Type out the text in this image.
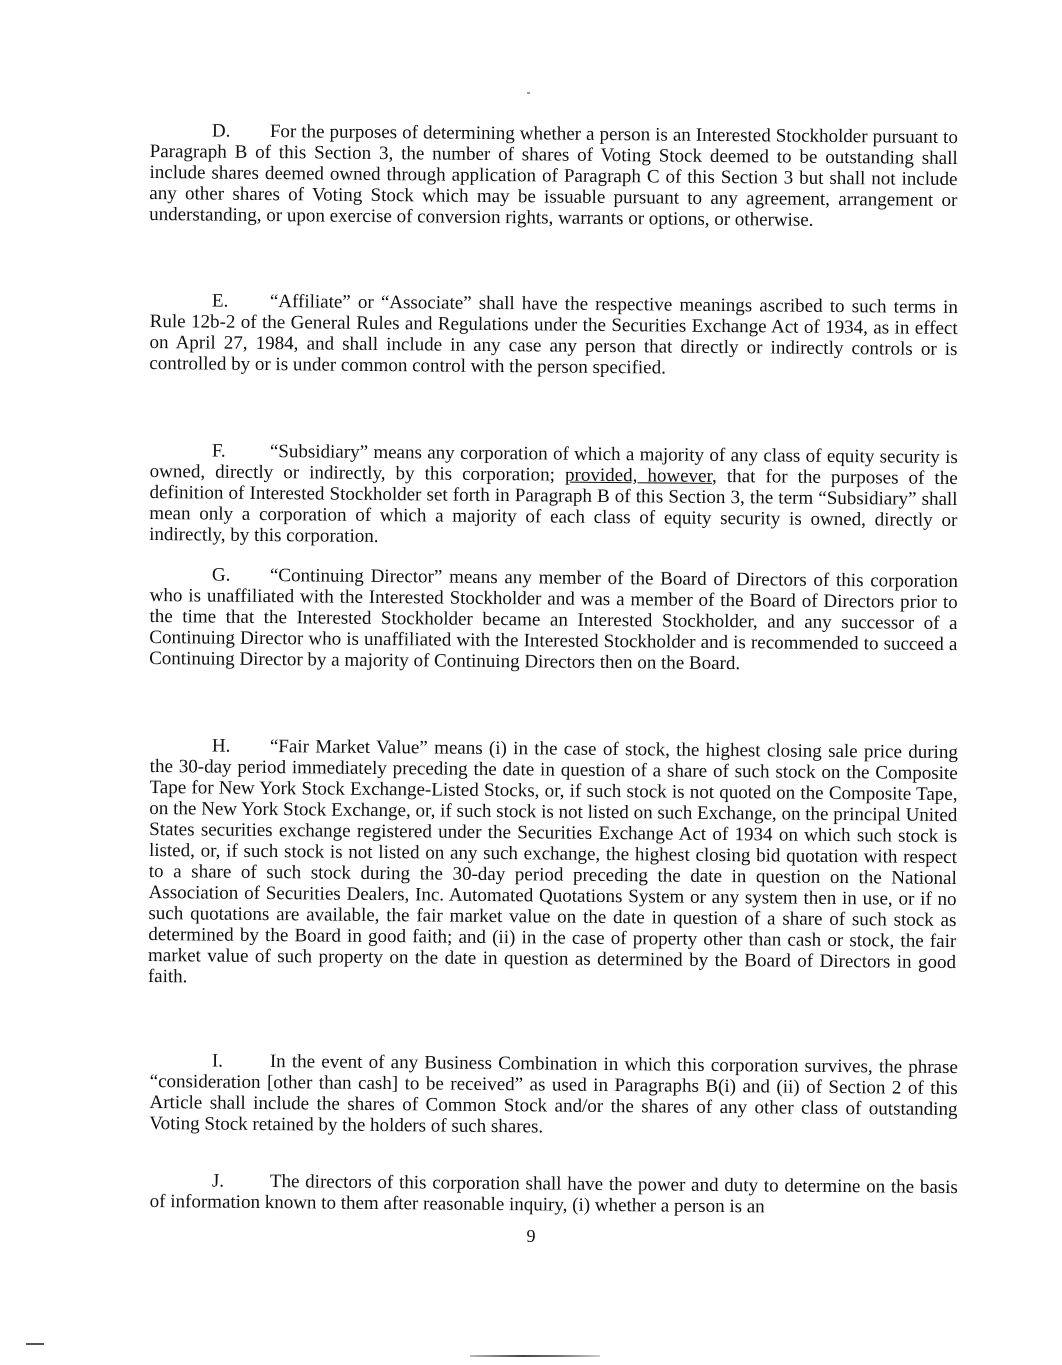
D. For the purposes of determining whether a person is an Interested Stockholder pursuant to Paragraph B of this Section 3, the number of shares of Voting Stock deemed to be outstanding shall include shares deemed owned through application of Paragraph C of this Section 3 but shall not include any other shares of Voting Stock which may be issuable pursuant to any agreement, arrangement or understanding, or upon exercise of conversion rights, warrants or options, or otherwise.

E. “Affiliate” or “Associate” shall have the respective meanings ascribed to such terms in Rule 12b-2 of the General Rules and Regulations under the Securities Exchange Act of 1934, as in effect on April 27, 1984, and shall include in any case any person that directly or indirectly controls or is controlled by or is under common control with the person specified.

F. “Subsidiary” means any corporation of which a majority of any class of equity security is owned, directly or indirectly, by this corporation; provided, however, that for the purposes of the definition of Interested Stockholder set forth in Paragraph B of this Section 3, the term “Subsidiary” shall mean only a corporation of which a majority of each class of equity security is owned, directly or indirectly, by this corporation.

G. “Continuing Director” means any member of the Board of Directors of this corporation who is unaffiliated with the Interested Stockholder and was a member of the Board of Directors prior to the time that the Interested Stockholder became an Interested Stockholder, and any successor of a Continuing Director who is unaffiliated with the Interested Stockholder and is recommended to succeed a Continuing Director by a majority of Continuing Directors then on the Board.

H. “Fair Market Value” means (i) in the case of stock, the highest closing sale price during the 30-day period immediately preceding the date in question of a share of such stock on the Composite Tape for New York Stock Exchange-Listed Stocks, or, if such stock is not quoted on the Composite Tape, on the New York Stock Exchange, or, if such stock is not listed on such Exchange, on the principal United States securities exchange registered under the Securities Exchange Act of 1934 on which such stock is listed, or, if such stock is not listed on any such exchange, the highest closing bid quotation with respect to a share of such stock during the 30-day period preceding the date in question on the National Association of Securities Dealers, Inc. Automated Quotations System or any system then in use, or if no such quotations are available, the fair market value on the date in question of a share of such stock as determined by the Board in good faith; and (ii) in the case of property other than cash or stock, the fair market value of such property on the date in question as determined by the Board of Directors in good faith.

I. In the event of any Business Combination in which this corporation survives, the phrase “consideration [other than cash] to be received” as used in Paragraphs B(i) and (ii) of Section 2 of this Article shall include the shares of Common Stock and/or the shares of any other class of outstanding Voting Stock retained by the holders of such shares.

J. The directors of this corporation shall have the power and duty to determine on the basis of information known to them after reasonable inquiry, (i) whether a person is an

9
